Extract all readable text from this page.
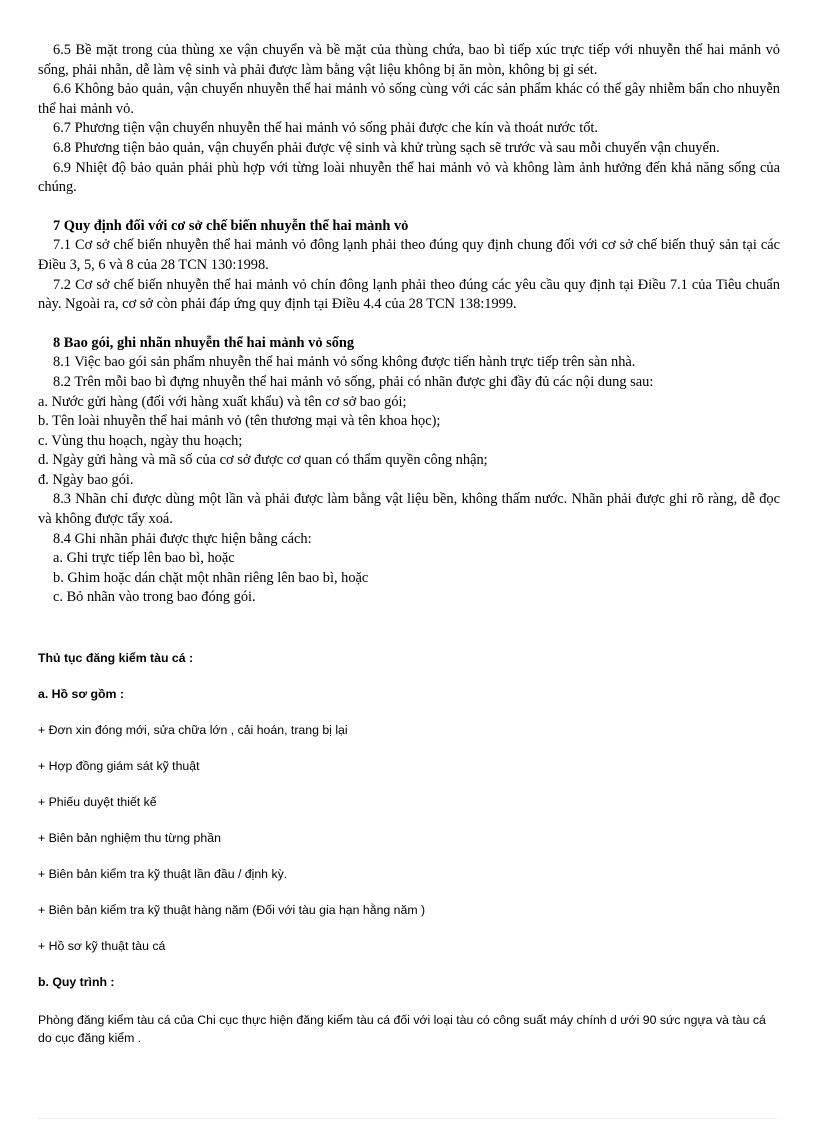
6.5 Bề mặt trong của thùng xe vận chuyển và bề mặt của thùng chứa, bao bì tiếp xúc trực tiếp với nhuyễn thể hai mảnh vỏ sống, phải nhẵn, dễ làm vệ sinh và phải được làm bằng vật liệu không bị ăn mòn, không bị gỉ sét.

6.6 Không bảo quản, vận chuyển nhuyễn thể hai mảnh vỏ sống cùng với các sản phẩm khác có thể gây nhiễm bẩn cho nhuyễn thể hai mảnh vỏ.

6.7 Phương tiện vận chuyển nhuyễn thể hai mảnh vỏ sống phải được che kín và thoát nước tốt.

6.8 Phương tiện bảo quản, vận chuyển phải được vệ sinh và khử trùng sạch sẽ trước và sau mỗi chuyến vận chuyển.

6.9 Nhiệt độ bảo quản phải phù hợp với từng loài nhuyễn thể hai mảnh vỏ và không làm ảnh hưởng đến khả năng sống của chúng.

7 Quy định đối với cơ sở chế biến nhuyễn thể hai mảnh vỏ

7.1 Cơ sở chế biến nhuyễn thể hai mảnh vỏ đông lạnh phải theo đúng quy định chung đối với cơ sở chế biến thuỷ sản tại các Điều 3, 5, 6 và 8 của 28 TCN 130:1998.

7.2 Cơ sở chế biến nhuyễn thể hai mảnh vỏ chín đông lạnh phải theo đúng các yêu cầu quy định tại Điều 7.1 của Tiêu chuẩn này. Ngoài ra, cơ sở còn phải đáp ứng quy định tại Điều 4.4 của 28 TCN 138:1999.

8 Bao gói, ghi nhãn nhuyễn thể hai mảnh vỏ sống

8.1 Việc bao gói sản phẩm nhuyễn thể hai mảnh vỏ sống không được tiến hành trực tiếp trên sàn nhà.

8.2 Trên mỗi bao bì đựng nhuyễn thể hai mảnh vỏ sống, phải có nhãn được ghi đầy đủ các nội dung sau:

a. Nước gửi hàng (đối với hàng xuất khẩu) và tên cơ sở bao gói;

b. Tên loài nhuyễn thể hai mảnh vỏ (tên thương mại và tên khoa học);

c. Vùng thu hoạch, ngày thu hoạch;

d. Ngày gửi hàng và mã số của cơ sở được cơ quan có thẩm quyền công nhận;

đ. Ngày bao gói.

8.3 Nhãn chỉ được dùng một lần và phải được làm bằng vật liệu bền, không thấm nước. Nhãn phải được ghi rõ ràng, dễ đọc và không được tẩy xoá.

8.4 Ghi nhãn phải được thực hiện bằng cách:

a. Ghi trực tiếp lên bao bì, hoặc

b. Ghim hoặc dán chặt một nhãn riêng lên bao bì, hoặc

c. Bỏ nhãn vào trong bao đóng gói.

Thủ tục đăng kiểm tàu cá :

a. Hồ sơ gồm :

+ Đơn xin đóng mới, sửa chữa lớn , cải hoán, trang bị lại

+ Hợp đồng giám sát kỹ thuật

+ Phiếu duyệt thiết kế

+ Biên bản nghiệm thu từng phần

+ Biên bản kiểm tra kỹ thuật lần đầu / định kỳ.

+ Biên bản kiểm tra kỹ thuật hàng năm (Đối với tàu gia hạn hằng năm )

+ Hồ sơ kỹ thuật tàu cá

b. Quy trình :

Phòng đăng kiểm tàu cá của Chi cục thực hiện đăng kiểm tàu cá đối với loại tàu có công suất máy chính d ưới 90 sức ngựa và tàu cá do cục đăng kiểm .
